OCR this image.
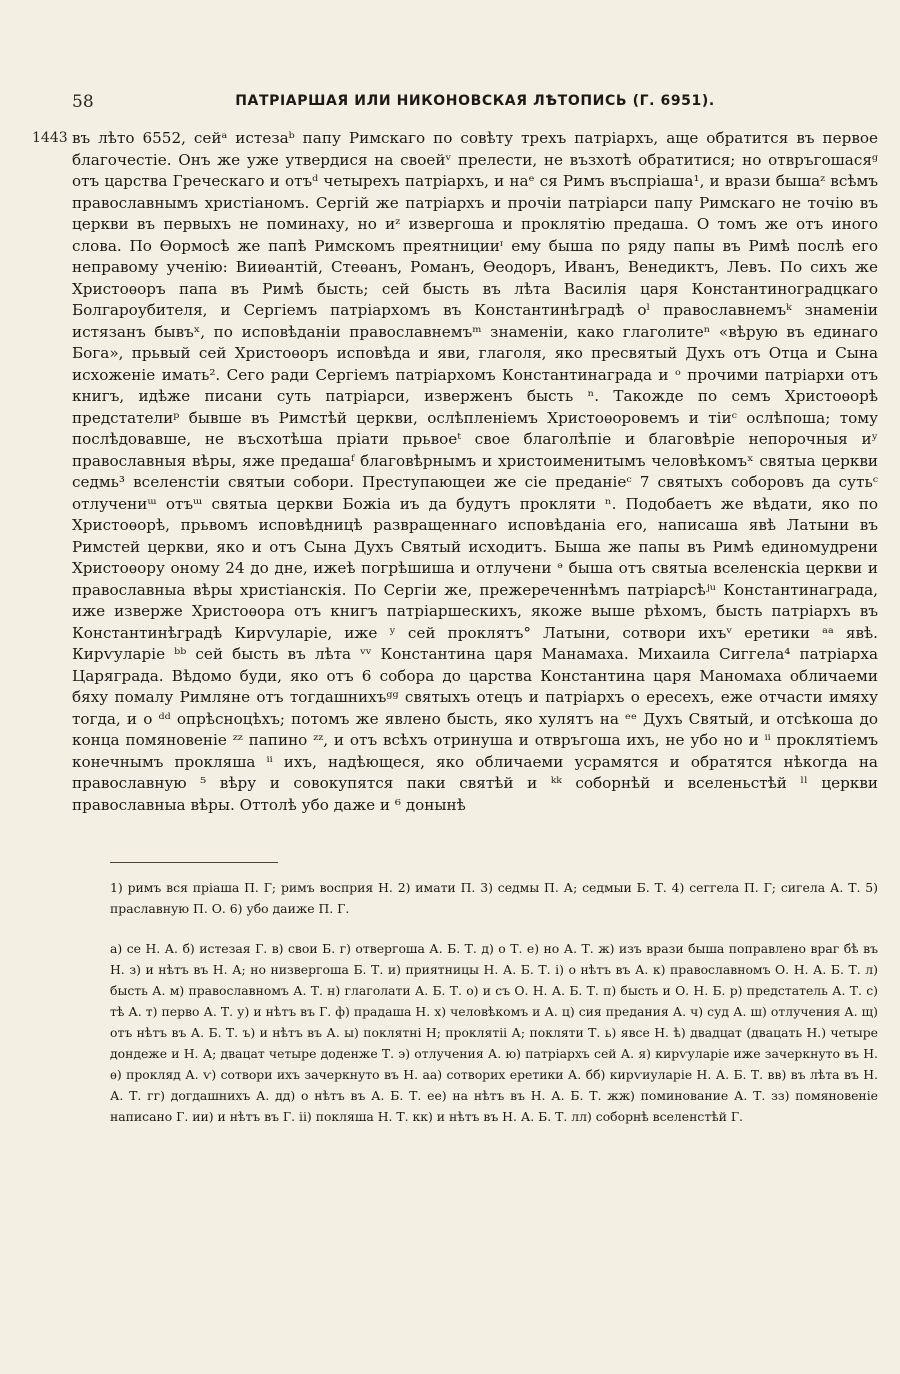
58	ПАТРІАРШАЯ ИЛИ НИКОНОВСКАЯ ЛѢТОПИСЬ (Г. 6951).
1443 въ лѣто 6552, сейᵃ истезаᵇ папу Римскаго по совѣту трехъ патріархъ, аще обратится въ первое благочестіе. Онъ же уже утвердися на своейᵛ прелести, не възхотѣ обратитися; но отвръгошасяᵍ отъ царства Греческаго и отъᵈ четырехъ патріархъ, и наᵉ ся Римъ въспріаша¹, и врази бышаᶻ всѣмъ православнымъ христіаномъ. Сергій же патріархъ и прочіи патріарси папу Римскаго не точію въ церкви въ первыхъ не поминаху, но иᶻ извергоша и проклятію предаша. О томъ же отъ иного слова. По Ѳормосѣ же папѣ Римскомъ преятницииᶦ ему быша по ряду папы въ Римѣ послѣ его неправому ученію: Вииѳантій, Стеѳанъ, Романъ, Ѳеодоръ, Иванъ, Венедиктъ, Левъ. По сихъ же Христоѳоръ папа въ Римѣ бысть; сей бысть въ лѣта Василія царя Константиноградцкаго Болгароубителя, и Сергіемъ патріархомъ въ Константинѣградѣ оˡ православнемъᵏ знаменіи истязанъ бывъˣ, по исповѣданіи православнемъᵐ знаменіи, како глаголитеⁿ «вѣрую въ единаго Бога», прьвый сей Христоѳоръ исповѣда и яви, глаголя, яко пресвятый Духъ отъ Отца и Сына исхоженіе имать². Сего ради Сергіемъ патріархомъ Константинаграда и ᵒ прочими патріархи отъ книгъ, идѣже писани суть патріарси, изверженъ бысть ⁿ. Такожде по семъ Христоѳорѣ предстателиᵖ бывше въ Римстѣй церкви, ослѣпленіемъ Христоѳоровемъ и тіиᶜ ослѣпоша; тому послѣдовавше, не въсхотѣша пріати прьвоеᵗ свое благолѣпіе и благовѣріе непорочныя иʸ православныя вѣры, яже предашаᶠ благовѣрнымъ и христоименитымъ человѣкомъˣ святыа церкви седмь³ вселенстіи святыи собори. Преступающеи же сіе преданіеᶜ 7 святыхъ соборовъ да сутьᶜ отлучениᵚ отъᵚ святыа церкви Божіа иъ да будутъ прокляти ⁿ. Подобаетъ же вѣдати, яко по Христоѳорѣ, прьвомъ исповѣдницѣ развращеннаго исповѣданіа его, написаша явѣ Латыни въ Римстей церкви, яко и отъ Сына Духъ Святый исходитъ. Быша же папы въ Римѣ единомудрени Христоѳору оному 24 до дне, ижеѣ погрѣшиша и отлучени ᵊ быша отъ святыа вселенскіа церкви и православныа вѣры христіанскія. По Сергіи же, прежереченнѣмъ патріарсѣʲᵘ Константинаграда, иже изверже Христоѳора отъ книгъ патріаршескихъ, якоже выше рѣхомъ, бысть патріархъ въ Константинѣградѣ Кирѵуларіе, иже ʸ сей проклятъ° Латыни, сотвори ихъᵛ еретики ᵃᵃ явѣ. Кирѵуларіе ᵇᵇ сей бысть въ лѣта ᵛᵛ Константина царя Манамаха. Михаила Сиггела⁴ патріарха Царяграда. Вѣдомо буди, яко отъ 6 собора до царства Константина царя Маномаха обличаеми бяху помалу Римляне отъ тогдашнихъᵍᵍ святыхъ отецъ и патріархъ о ересехъ, еже отчасти имяху тогда, и о ᵈᵈ опрѣсноцѣхъ; потомъ же явлено бысть, яко хулятъ на ᵉᵉ Духъ Святый, и отсѣкоша до конца помяновеніе ᶻᶻ папино ᶻᶻ, и отъ всѣхъ отринуша и отвръгоша ихъ, не убо но и ⁱⁱ проклятіемъ конечнымъ прокляша ⁱⁱ ихъ, надѣющеся, яко обличаеми усрамятся и обратятся нѣкогда на православную ⁵ вѣру и совокупятся паки святѣй и ᵏᵏ соборнѣй и вселеньстѣй ˡˡ церкви православныа вѣры. Оттолѣ убо даже и ⁶ донынѣ

1) римъ вся пріаша П. Г; римъ восприя Н. 2) имати П. 3) седмы П. А; седмыи Б. Т. 4) сеггела П. Г; сигела А. Т. 5) праславную П. О. 6) убо даиже П. Г.

а) се Н. А. б) истезая Г. в) свои Б. г) отвергоша А. Б. Т. д) о Т. е) но А. Т. ж) изъ врази быша поправлено враг бѣ въ Н. з) и нѣтъ въ Н. А; но низвергоша Б. Т. и) приятницы Н. А. Б. Т. і) о нѣтъ въ А. к) православномъ О. Н. А. Б. Т. л) бысть А. м) православномъ А. Т. н) глаголати А. Б. Т. о) и съ О. Н. А. Б. Т. п) бысть и О. Н. Б. р) предстатель А. Т. с) тѣ А. т) перво А. Т. у) и нѣтъ въ Г. ф) прадаша Н. х) человѣкомъ и А. ц) сия предания А. ч) суд А. ш) отлучения А. щ) отъ нѣтъ въ А. Б. Т. ъ) и нѣтъ въ А. ы) поклятні Н; проклятіі А; покляти Т. ь) явсе Н. ѣ) двадцат (двацать Н.) четыре дондеже и Н. А; двацат четыре доденже Т. э) отлучения А. ю) патріархъ сей А. я) кирѵуларіе иже зачеркнуто въ Н. ѳ) прокляд А. ѵ) сотвори ихъ зачеркнуто въ Н. аа) сотворих еретики А. бб) кирѵиуларіе Н. А. Б. Т. вв) въ лѣта въ Н. А. Т. гг) догдашнихъ А. дд) о нѣтъ въ А. Б. Т. ее) на нѣтъ въ Н. А. Б. Т. жж) поминование А. Т. зз) помяновеніе написано Г. ии) и нѣтъ въ Г. іі) покляша Н. Т. кк) и нѣтъ въ Н. А. Б. Т. лл) соборнѣ вселенстѣй Г.
